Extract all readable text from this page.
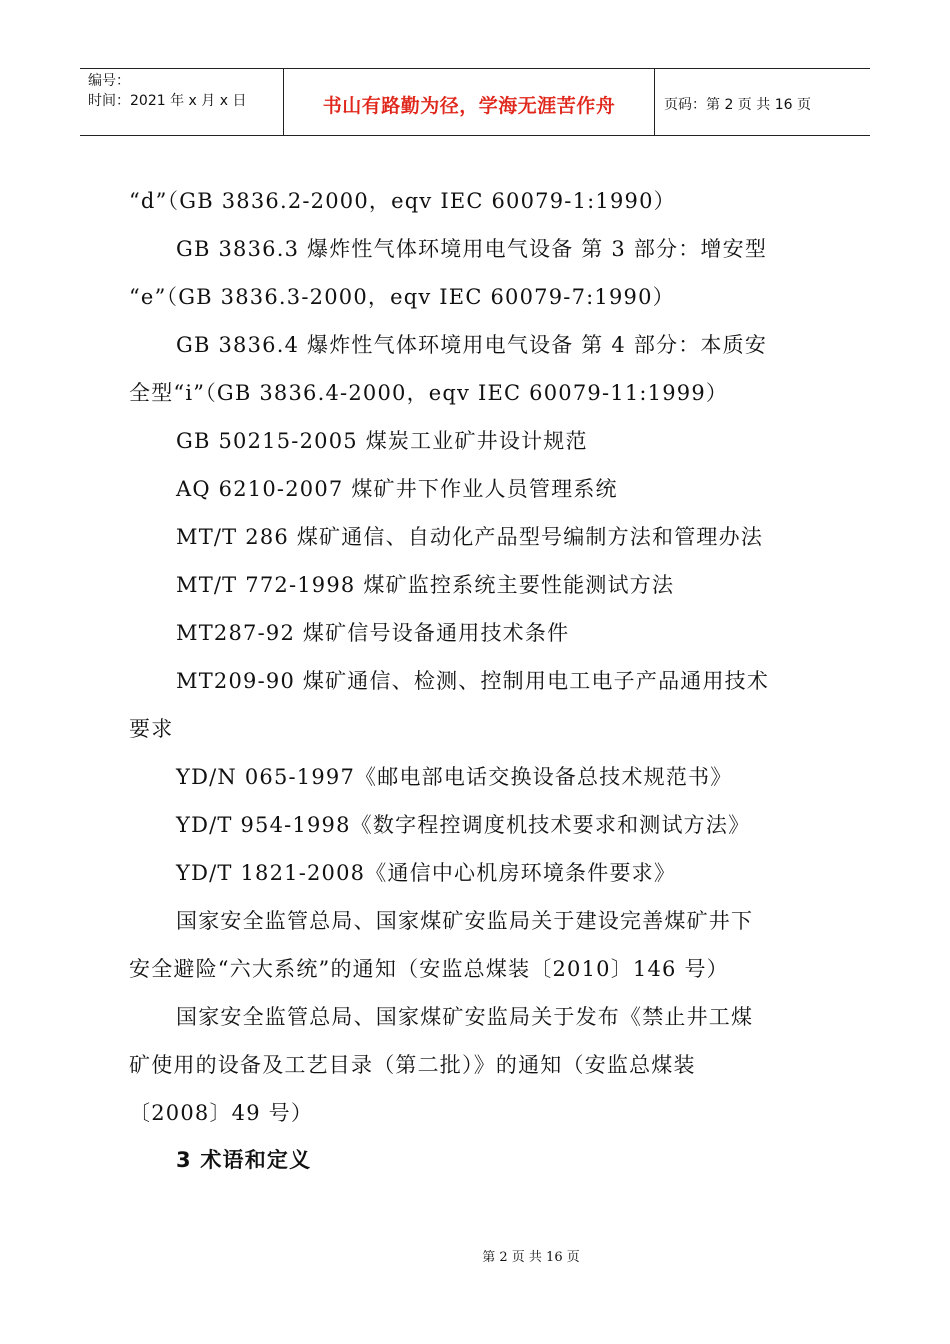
编号：
时间：2021 年 x 月 x 日	书山有路勤为径，学海无涯苦作舟	页码：第 2 页 共 16 页
“d”（GB 3836.2-2000，eqv IEC 60079-1:1990）
GB 3836.3 爆炸性气体环境用电气设备 第 3 部分：增安型
“e”（GB 3836.3-2000，eqv IEC 60079-7:1990）
GB 3836.4 爆炸性气体环境用电气设备 第 4 部分：本质安
全型“i”（GB 3836.4-2000，eqv IEC 60079-11:1999）
GB 50215-2005 煤炭工业矿井设计规范
AQ 6210-2007 煤矿井下作业人员管理系统
MT/T 286 煤矿通信、自动化产品型号编制方法和管理办法
MT/T 772-1998 煤矿监控系统主要性能测试方法
MT287-92 煤矿信号设备通用技术条件
MT209-90 煤矿通信、检测、控制用电工电子产品通用技术
要求
YD/N 065-1997《邮电部电话交换设备总技术规范书》
YD/T 954-1998《数字程控调度机技术要求和测试方法》
YD/T 1821-2008《通信中心机房环境条件要求》
国家安全监管总局、国家煤矿安监局关于建设完善煤矿井下
安全避险“六大系统”的通知（安监总煤装〔2010〕146 号）
国家安全监管总局、国家煤矿安监局关于发布《禁止井工煤
矿使用的设备及工艺目录（第二批）》的通知（安监总煤装
〔2008〕49 号）
3 术语和定义
第 2 页 共 16 页
